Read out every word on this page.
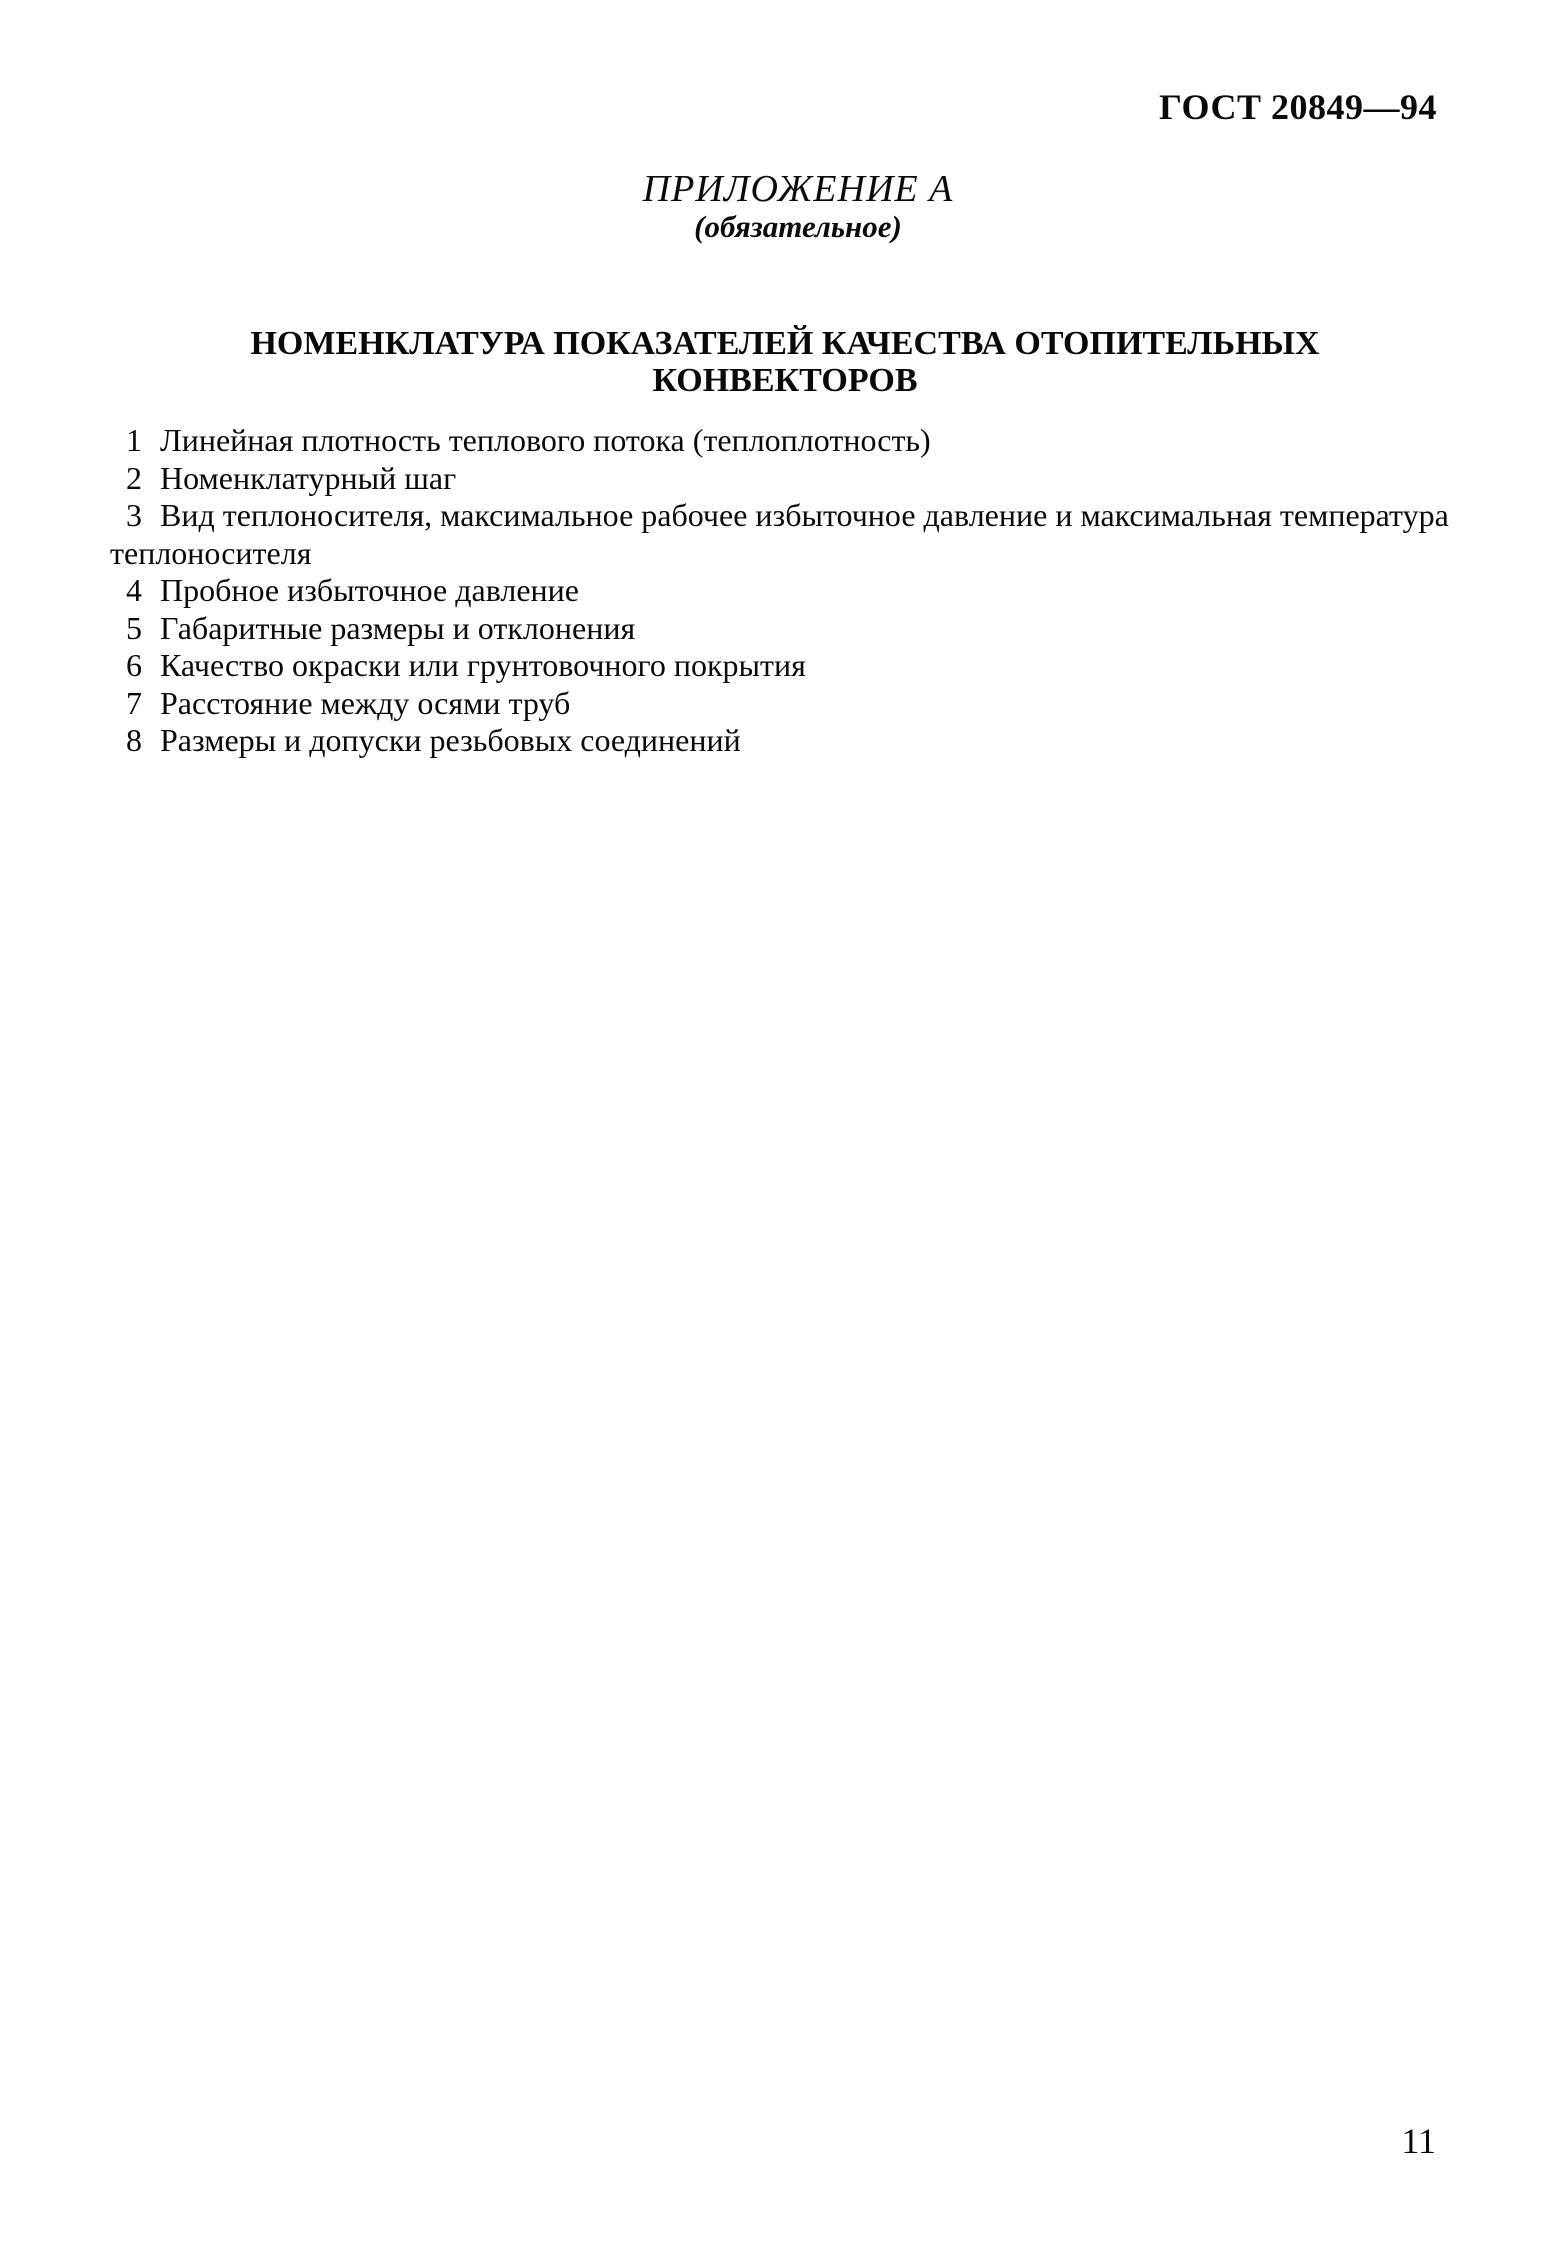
ГОСТ 20849—94
ПРИЛОЖЕНИЕ А
(обязательное)
НОМЕНКЛАТУРА ПОКАЗАТЕЛЕЙ КАЧЕСТВА ОТОПИТЕЛЬНЫХ
КОНВЕКТОРОВ
1 Линейная плотность теплового потока (теплоплотность)
2 Номенклатурный шаг
3 Вид теплоносителя, максимальное рабочее избыточное давление и максимальная температура теплоносителя
4 Пробное избыточное давление
5 Габаритные размеры и отклонения
6 Качество окраски или грунтовочного покрытия
7 Расстояние между осями труб
8 Размеры и допуски резьбовых соединений
11
